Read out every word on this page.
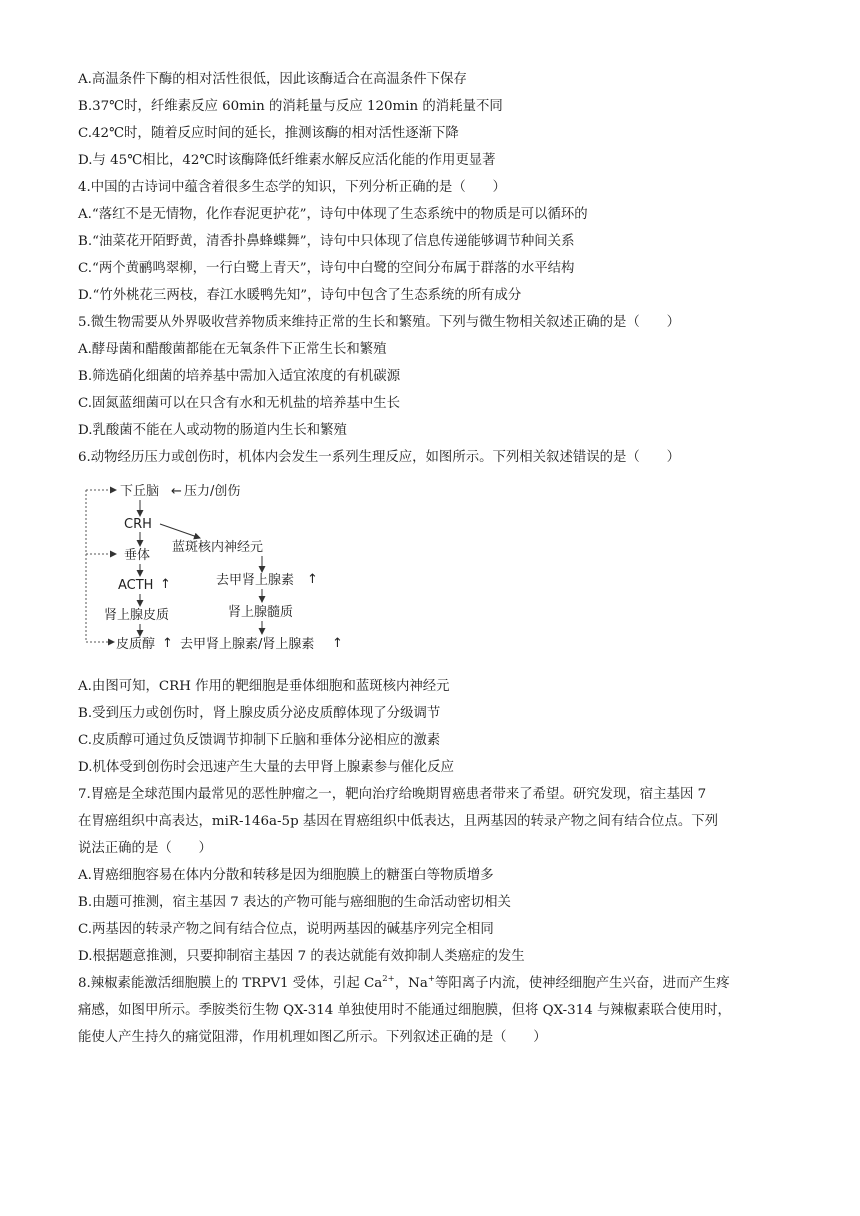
A.高温条件下酶的相对活性很低，因此该酶适合在高温条件下保存
B.37℃时，纤维素反应 60min 的消耗量与反应 120min 的消耗量不同
C.42℃时，随着反应时间的延长，推测该酶的相对活性逐渐下降
D.与 45℃相比，42℃时该酶降低纤维素水解反应活化能的作用更显著
4.中国的古诗词中蕴含着很多生态学的知识，下列分析正确的是（　　）
A.“落红不是无情物，化作春泥更护花”，诗句中体现了生态系统中的物质是可以循环的
B.“油菜花开陌野黄，清香扑鼻蜂蝶舞”，诗句中只体现了信息传递能够调节种间关系
C.“两个黄鹂鸣翠柳，一行白鹭上青天”，诗句中白鹭的空间分布属于群落的水平结构
D.“竹外桃花三两枝，春江水暖鸭先知”，诗句中包含了生态系统的所有成分
5.微生物需要从外界吸收营养物质来维持正常的生长和繁殖。下列与微生物相关叙述正确的是（　　）
A.酵母菌和醋酸菌都能在无氧条件下正常生长和繁殖
B.筛选硝化细菌的培养基中需加入适宜浓度的有机碳源
C.固氮蓝细菌可以在只含有水和无机盐的培养基中生长
D.乳酸菌不能在人或动物的肠道内生长和繁殖
6.动物经历压力或创伤时，机体内会发生一系列生理反应，如图所示。下列相关叙述错误的是（　　）
下丘脑 ← 压力/创伤
CRH
蓝斑核内神经元
垂体
ACTH ↑	去甲肾上腺素 ↑
肾上腺皮质	肾上腺髓质
皮质醇 ↑ 去甲肾上腺素/肾上腺素 ↑
A.由图可知，CRH 作用的靶细胞是垂体细胞和蓝斑核内神经元
B.受到压力或创伤时，肾上腺皮质分泌皮质醇体现了分级调节
C.皮质醇可通过负反馈调节抑制下丘脑和垂体分泌相应的激素
D.机体受到创伤时会迅速产生大量的去甲肾上腺素参与催化反应
7.胃癌是全球范围内最常见的恶性肿瘤之一，靶向治疗给晚期胃癌患者带来了希望。研究发现，宿主基因 7
在胃癌组织中高表达，miR-146a-5p 基因在胃癌组织中低表达，且两基因的转录产物之间有结合位点。下列
说法正确的是（　　）
A.胃癌细胞容易在体内分散和转移是因为细胞膜上的糖蛋白等物质增多
B.由题可推测，宿主基因 7 表达的产物可能与癌细胞的生命活动密切相关
C.两基因的转录产物之间有结合位点，说明两基因的碱基序列完全相同
D.根据题意推测，只要抑制宿主基因 7 的表达就能有效抑制人类癌症的发生
8.辣椒素能激活细胞膜上的 TRPV1 受体，引起 $Ca^{2+}$，Na+等阳离子内流，使神经细胞产生兴奋，进而产生疼
痛感，如图甲所示。季胺类衍生物 QX-314 单独使用时不能通过细胞膜，但将 QX-314 与辣椒素联合使用时，
能使人产生持久的痛觉阻滞，作用机理如图乙所示。下列叙述正确的是（　　）
